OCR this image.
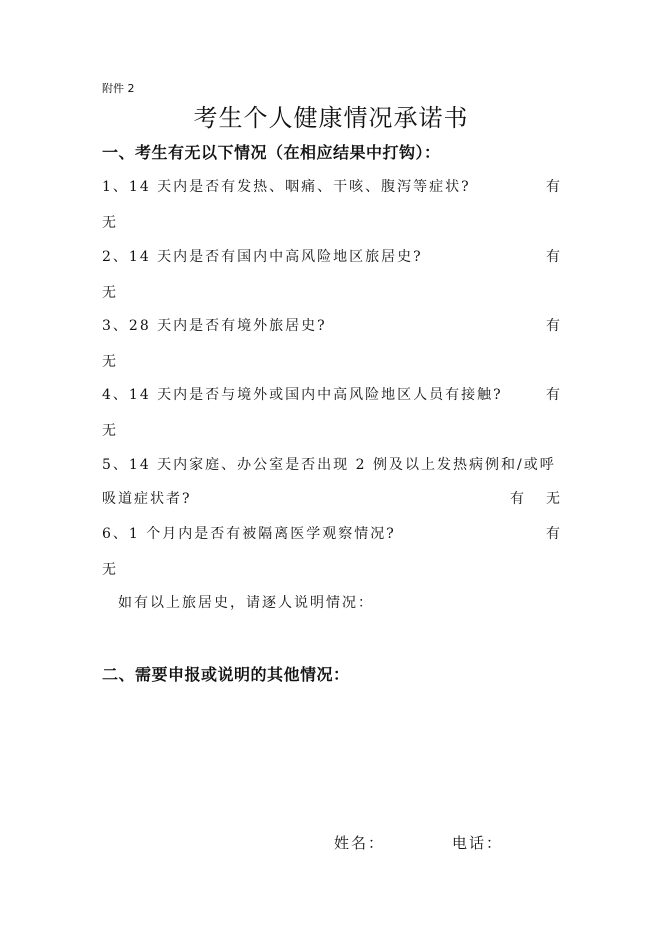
附件 2
考生个人健康情况承诺书
一、考生有无以下情况（在相应结果中打钩）：
1、14 天内是否有发热、咽痛、干咳、腹泻等症状?	有
无
2、14 天内是否有国内中高风险地区旅居史?	有
无
3、28 天内是否有境外旅居史?	有
无
4、14 天内是否与境外或国内中高风险地区人员有接触?	有
无
5、14 天内家庭、办公室是否出现 2 例及以上发热病例和/或呼
吸道症状者?	有 无
6、1 个月内是否有被隔离医学观察情况?	有
无
如有以上旅居史，请逐人说明情况：
二、需要申报或说明的其他情况：
姓名：	电话：
